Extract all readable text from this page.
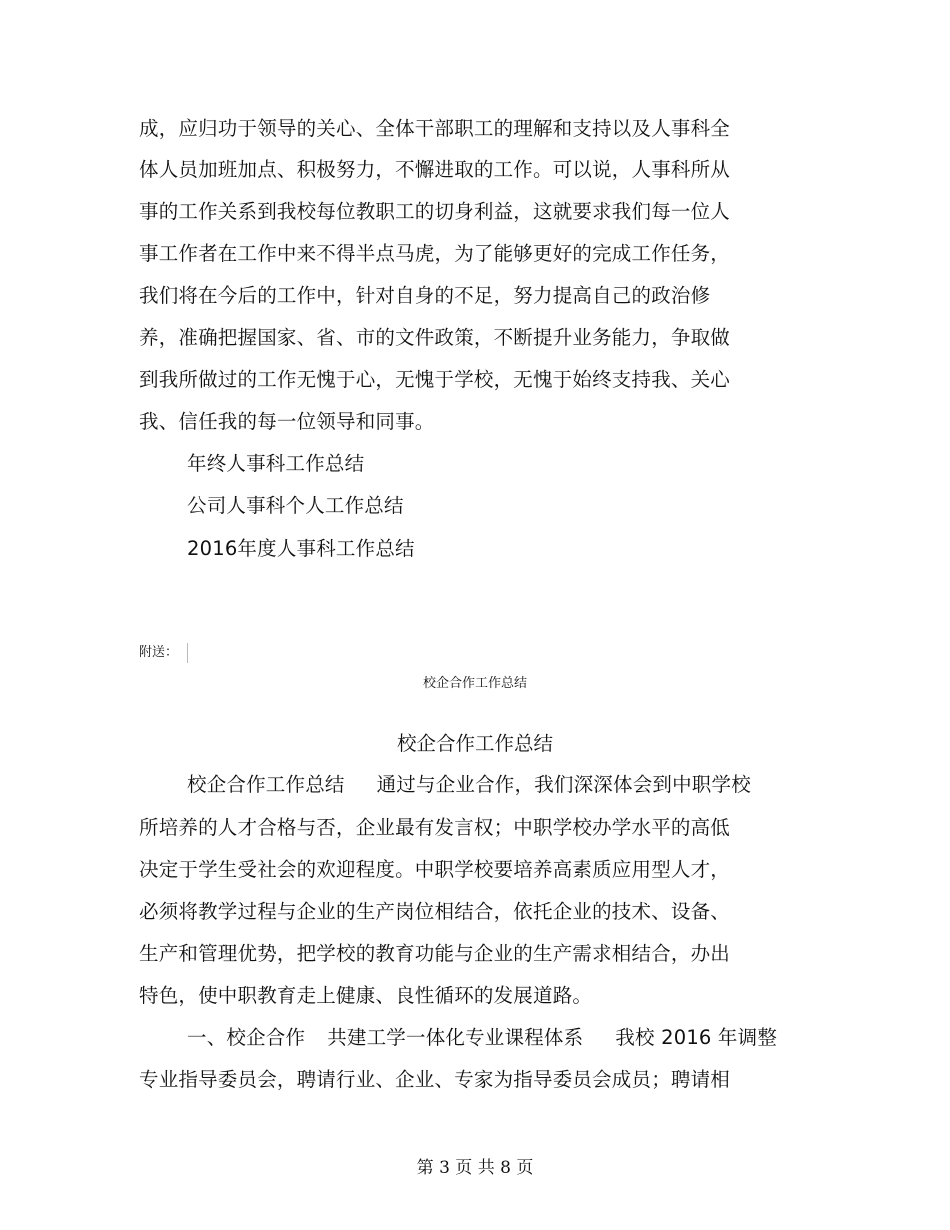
成，应归功于领导的关心、全体干部职工的理解和支持以及人事科全
体人员加班加点、积极努力，不懈进取的工作。可以说，人事科所从
事的工作关系到我校每位教职工的切身利益，这就要求我们每一位人
事工作者在工作中来不得半点马虎，为了能够更好的完成工作任务，
我们将在今后的工作中，针对自身的不足，努力提高自己的政治修
养，准确把握国家、省、市的文件政策，不断提升业务能力，争取做
到我所做过的工作无愧于心，无愧于学校，无愧于始终支持我、关心
我、信任我的每一位领导和同事。
年终人事科工作总结
公司人事科个人工作总结
2016年度人事科工作总结
附送：
校企合作工作总结
校企合作工作总结
校企合作工作总结 通过与企业合作，我们深深体会到中职学校
所培养的人才合格与否，企业最有发言权；中职学校办学水平的高低
决定于学生受社会的欢迎程度。中职学校要培养高素质应用型人才，
必须将教学过程与企业的生产岗位相结合，依托企业的技术、设备、
生产和管理优势，把学校的教育功能与企业的生产需求相结合，办出
特色，使中职教育走上健康、良性循环的发展道路。
一、校企合作 共建工学一体化专业课程体系 我校 2016 年调整
专业指导委员会，聘请行业、企业、专家为指导委员会成员；聘请相
第 3 页 共 8 页
